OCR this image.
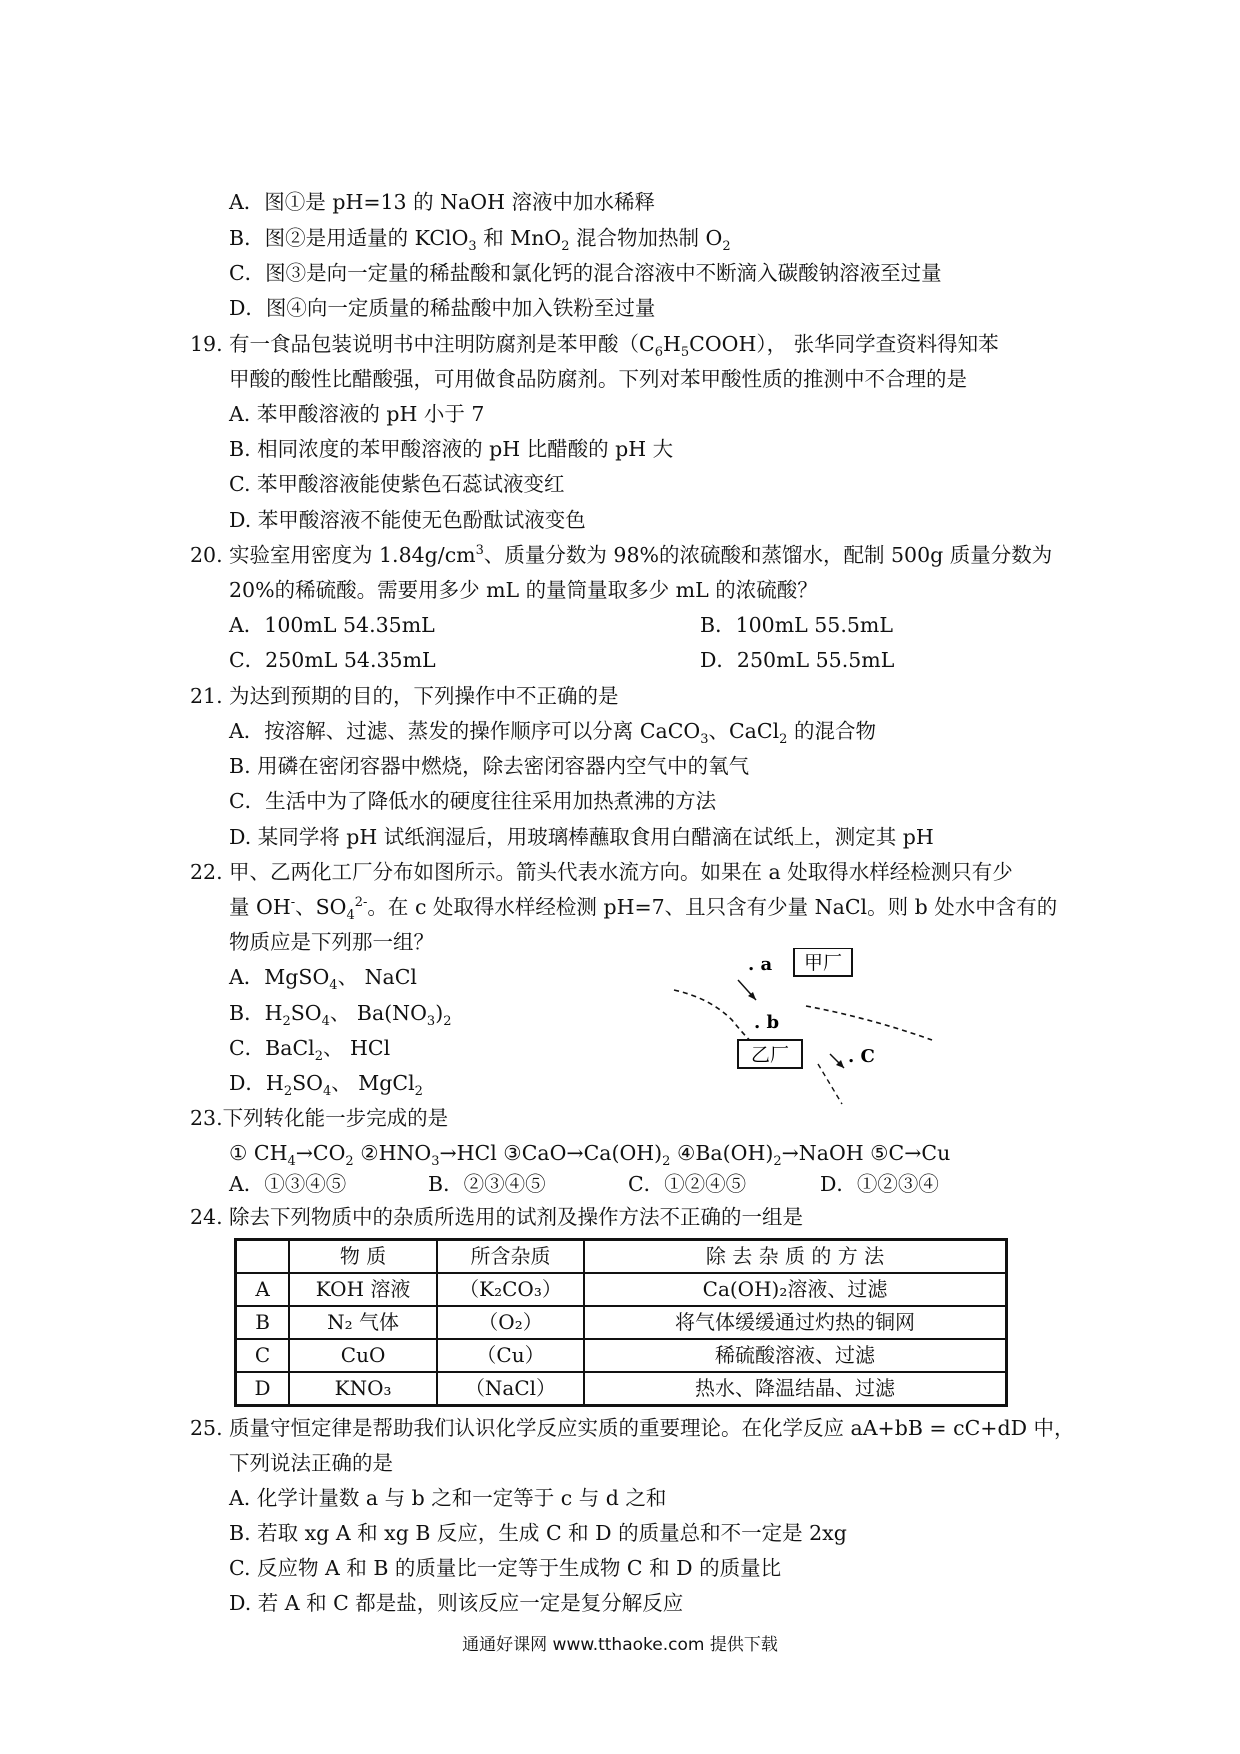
A．图①是 pH=13 的 NaOH 溶液中加水稀释
B．图②是用适量的 KClO$_3$ 和 MnO$_2$ 混合物加热制 $O_2$
C．图③是向一定量的稀盐酸和氯化钙的混合溶液中不断滴入碳酸钠溶液至过量
D．图④向一定质量的稀盐酸中加入铁粉至过量
19. 有一食品包装说明书中注明防腐剂是苯甲酸$(C_6H_5COOH)$， 张华同学查资料得知苯
甲酸的酸性比醋酸强，可用做食品防腐剂。下列对苯甲酸性质的推测中不合理的是
A. 苯甲酸溶液的 pH 小于 7
B. 相同浓度的苯甲酸溶液的 pH 比醋酸的 pH 大
C. 苯甲酸溶液能使紫色石蕊试液变红
D. 苯甲酸溶液不能使无色酚酞试液变色
20. 实验室用密度为 $1.84g/cm^3$、质量分数为 98%的浓硫酸和蒸馏水，配制 500g 质量分数为
20%的稀硫酸。需要用多少 mL 的量筒量取多少 mL 的浓硫酸？
A．100mL 54.35mL	B．100mL 55.5mL
C．250mL 54.35mL	D．250mL 55.5mL
21. 为达到预期的目的，下列操作中不正确的是
A．按溶解、过滤、蒸发的操作顺序可以分离 CaCO$_3$、CaCl$_2$ 的混合物
B. 用磷在密闭容器中燃烧，除去密闭容器内空气中的氧气
C．生活中为了降低水的硬度往往采用加热煮沸的方法
D. 某同学将 pH 试纸润湿后，用玻璃棒蘸取食用白醋滴在试纸上，测定其 pH
22. 甲、乙两化工厂分布如图所示。箭头代表水流方向。如果在 a 处取得水样经检测只有少
量 OH-、$SO_4^{2-}$。在 c 处取得水样经检测 pH=7、且只含有少量 NaCl。则 b 处水中含有的
物质应是下列那一组？
A．MgSO$_4$、 NaCl
B．$H_2SO_4$、 $Ba(NO_3)_2$
C．BaCl$_2$、 HCl
D．$H_2SO_4$、 MgCl$_2$
甲厂
乙厂
. a
. b
. C
23.下列转化能一步完成的是
① $CH_4\to CO_2$ $②HNO_3\to HCl$ $③CaO\to Ca(OH)_2$ $④Ba(OH)_2\to NaOH$ ⑤C→Cu
A．①③④⑤	B．②③④⑤	C．①②④⑤	D．①②③④
24. 除去下列物质中的杂质所选用的试剂及操作方法不正确的一组是
	物 质	所含杂质	除 去 杂 质 的 方 法
A	KOH 溶液	（K₂CO₃）	Ca(OH)₂溶液、过滤
B	N₂ 气体	（O₂）	将气体缓缓通过灼热的铜网
C	CuO	（Cu）	稀硫酸溶液、过滤
D	KNO₃	（NaCl）	热水、降温结晶、过滤
25. 质量守恒定律是帮助我们认识化学反应实质的重要理论。在化学反应 aA+bB = cC+dD 中，
下列说法正确的是
A. 化学计量数 a 与 b 之和一定等于 c 与 d 之和
B. 若取 xg A 和 xg B 反应，生成 C 和 D 的质量总和不一定是 2xg
C. 反应物 A 和 B 的质量比一定等于生成物 C 和 D 的质量比
D. 若 A 和 C 都是盐，则该反应一定是复分解反应
通通好课网 www.tthaoke.com 提供下载
